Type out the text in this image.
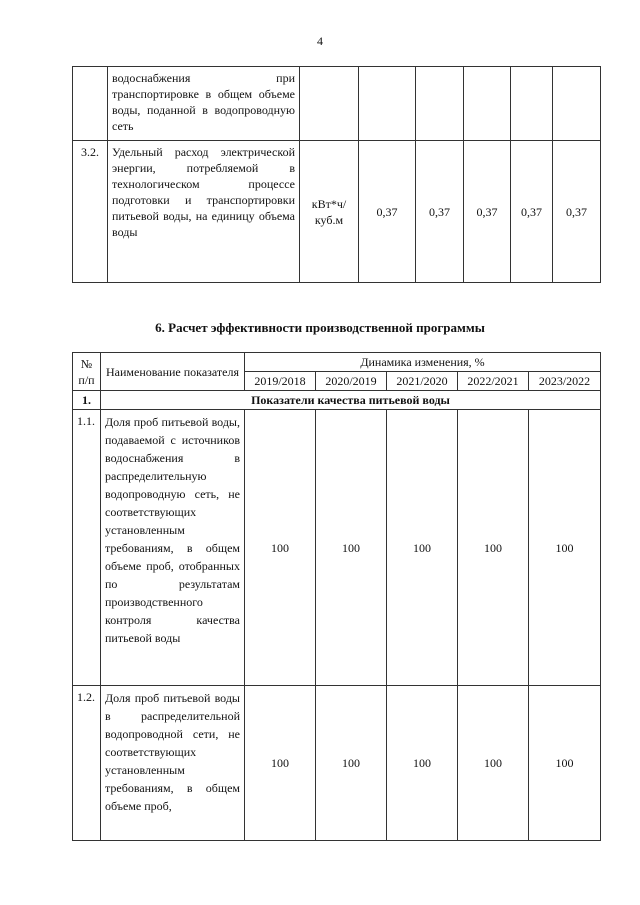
4
	водоснабжения при транспортировке в общем объеме воды, поданной в водопроводную сеть						
3.2.	Удельный расход электрической энергии, потребляемой в технологическом процессе подготовки и транспортировки питьевой воды, на единицу объема воды	кВт*ч/ куб.м	0,37	0,37	0,37	0,37	0,37
6. Расчет эффективности производственной программы
№ п/п	Наименование показателя	Динамика изменения, %				
		2019/2018	2020/2019	2021/2020	2022/2021	2023/2022
1.	Показатели качества питьевой воды					
1.1.	Доля проб питьевой воды, подаваемой с источников водоснабжения в распределительную водопроводную сеть, не соответствующих установленным требованиям, в общем объеме проб, отобранных по результатам производственного контроля качества питьевой воды	100	100	100	100	100
1.2.	Доля проб питьевой воды в распределительной водопроводной сети, не соответствующих установленным требованиям, в общем объеме проб,	100	100	100	100	100
